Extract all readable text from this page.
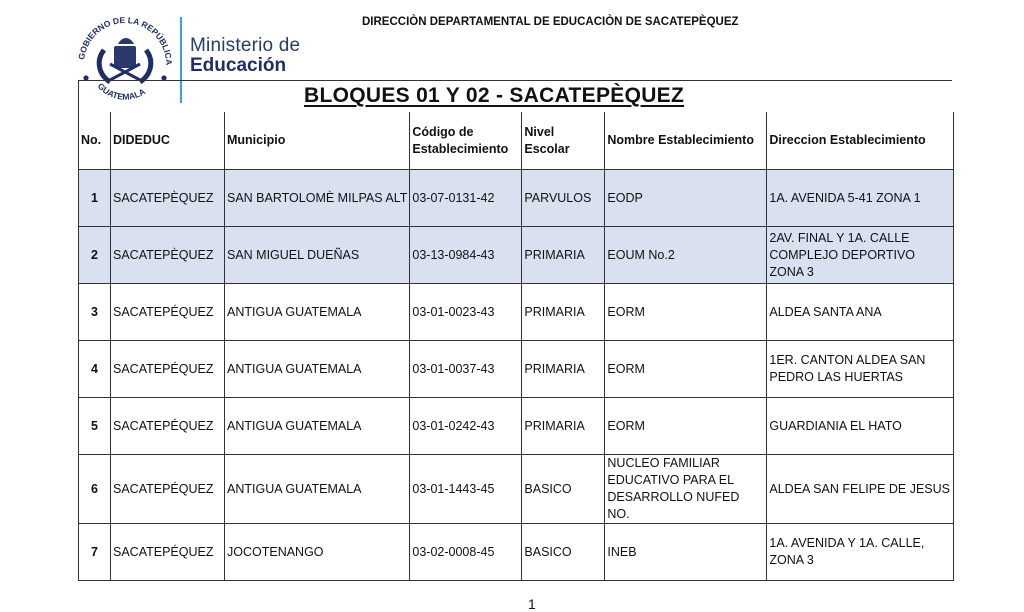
GOBIERNO DE LA REPÚBLICA
GUATEMALA
Ministerio de
Educación
DIRECCIÒN DEPARTAMENTAL DE EDUCACIÒN DE SACATEPÈQUEZ
BLOQUES 01 Y 02 - SACATEPÈQUEZ
No.	DIDEDUC	Municipio	Código de Establecimiento	Nivel Escolar	Nombre Establecimiento	Direccion Establecimiento
1	SACATEPÈQUEZ	SAN BARTOLOMÈ MILPAS ALT	03-07-0131-42	PARVULOS	EODP	1A. AVENIDA 5-41 ZONA 1
2	SACATEPÈQUEZ	SAN MIGUEL DUEÑAS	03-13-0984-43	PRIMARIA	EOUM No.2	2AV. FINAL Y 1A. CALLE COMPLEJO DEPORTIVO ZONA 3
3	SACATEPÉQUEZ	ANTIGUA GUATEMALA	03-01-0023-43	PRIMARIA	EORM	ALDEA SANTA ANA
4	SACATEPÉQUEZ	ANTIGUA GUATEMALA	03-01-0037-43	PRIMARIA	EORM	1ER. CANTON ALDEA SAN PEDRO LAS HUERTAS
5	SACATEPÉQUEZ	ANTIGUA GUATEMALA	03-01-0242-43	PRIMARIA	EORM	GUARDIANIA EL HATO
6	SACATEPÉQUEZ	ANTIGUA GUATEMALA	03-01-1443-45	BASICO	NUCLEO FAMILIAR EDUCATIVO PARA EL DESARROLLO NUFED NO.	ALDEA SAN FELIPE DE JESUS
7	SACATEPÉQUEZ	JOCOTENANGO	03-02-0008-45	BASICO	INEB	1A. AVENIDA Y 1A. CALLE, ZONA 3
1
